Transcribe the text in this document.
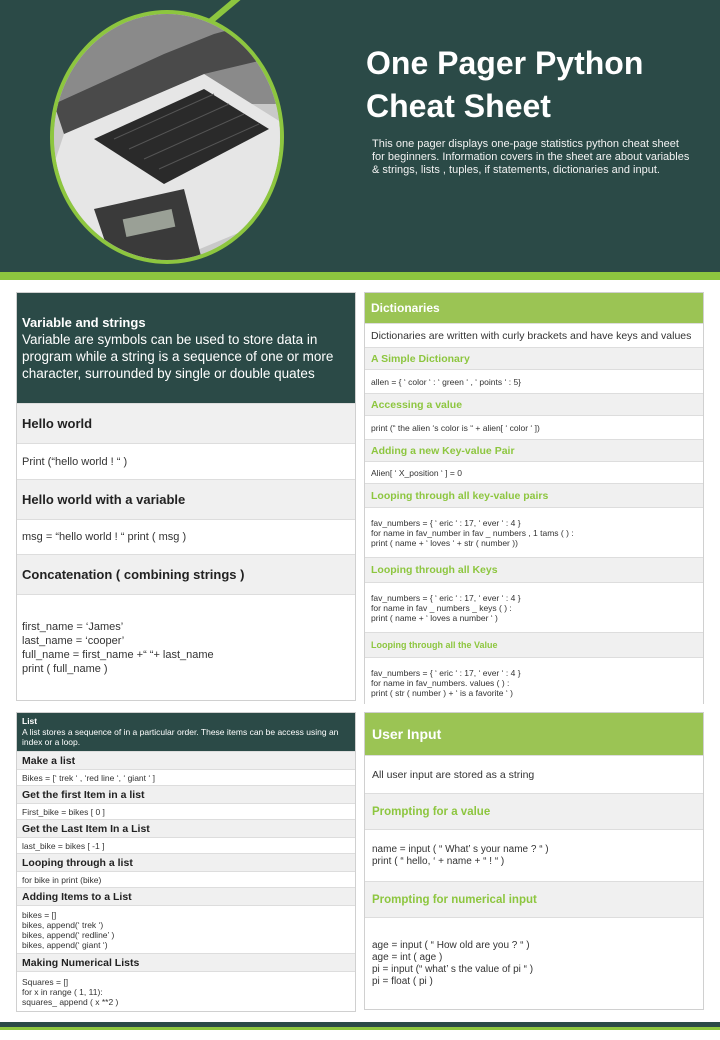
One Pager Python Cheat Sheet
This one pager displays one-page statistics python cheat sheet for beginners. Information covers in the sheet are about variables & strings, lists , tuples, if statements, dictionaries and input.
Variable and strings
Variable are symbols can be used to store data in program while a string is a sequence of one or more character, surrounded by single or double quates
Hello world
Print (“hello world ! “ )
Hello world with a variable
msg = “hello world ! “ print ( msg )
Concatenation ( combining strings )
first_name = ‘James’
last_name = ‘cooper’
full_name = first_name +“ “+ last_name
print ( full_name )
List
A list stores a sequence of in a particular order. These items can be access using an index or a loop.
Make a list
Bikes = [‘ trek ‘ , ‘red line ‘, ‘ giant ‘ ]
Get the first Item in a list
First_bike = bikes [ 0 ]
Get the Last Item In a List
last_bike = bikes [ -1 ]
Looping through a list
for bike in print (bike)
Adding Items to a List
bikes = []
bikes, append(‘ trek ‘)
bikes, append(‘ redline’ )
bikes, append(‘ giant ‘)
Making Numerical Lists
Squares = []
for x in range ( 1, 11):
squares_ append ( x **2 )
Dictionaries
Dictionaries are written with curly brackets and have keys and values
A Simple Dictionary
allen = { ‘ color ‘ : ‘ green ‘ , ‘ points ‘ : 5}
Accessing a value
print (“ the alien ‘s color is “ + alien[ ‘ color ‘ ])
Adding a new Key-value Pair
Alien[ ‘ X_position ‘ ] = 0
Looping through all key-value pairs
fav_numbers = { ‘ eric ‘ : 17, ‘ ever ‘ : 4 }
for name in fav_number in fav _ numbers , 1 tams ( ) :
print ( name + ‘ loves ‘ + str ( number ))
Looping through all Keys
fav_numbers = { ‘ eric ‘ : 17, ‘ ever ‘ : 4 }
for name in fav _ numbers _ keys ( ) :
print ( name + ‘ loves a number ‘ )
Looping through all the Value
fav_numbers = { ‘ eric ‘ : 17, ‘ ever ‘ : 4 }
for name in fav_numbers. values ( ) :
print ( str ( number ) + ‘ is a favorite ‘ )
User Input
All user input are stored as a string
Prompting for a value
name = input ( “ What’ s your name ? “ )
print ( “ hello, ‘ + name + “ ! “ )
Prompting for numerical input
age = input ( “ How old are you ? “ )
age = int ( age )
pi = input (“ what’ s the value of pi “ )
pi = float ( pi )
